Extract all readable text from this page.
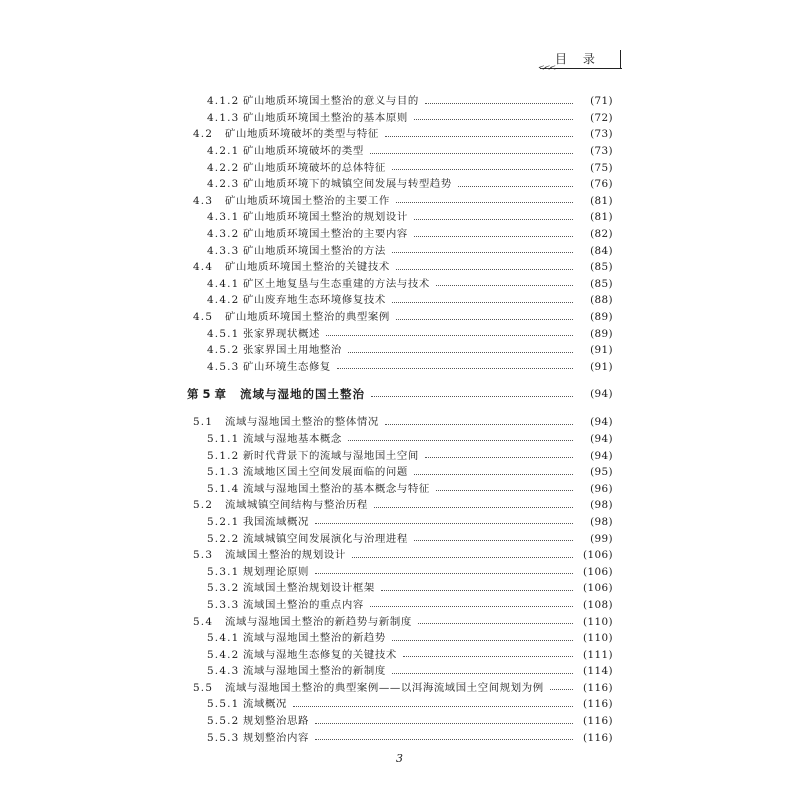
目 录
<<<
4.1.2 矿山地质环境国土整治的意义与目的	(71)
4.1.3 矿山地质环境国土整治的基本原则	(72)
4.2	矿山地质环境破坏的类型与特征	(73)
4.2.1 矿山地质环境破坏的类型	(73)
4.2.2 矿山地质环境破坏的总体特征	(75)
4.2.3 矿山地质环境下的城镇空间发展与转型趋势	(76)
4.3	矿山地质环境国土整治的主要工作	(81)
4.3.1 矿山地质环境国土整治的规划设计	(81)
4.3.2 矿山地质环境国土整治的主要内容	(82)
4.3.3 矿山地质环境国土整治的方法	(84)
4.4	矿山地质环境国土整治的关键技术	(85)
4.4.1 矿区土地复垦与生态重建的方法与技术	(85)
4.4.2 矿山废弃地生态环境修复技术	(88)
4.5	矿山地质环境国土整治的典型案例	(89)
4.5.1 张家界现状概述	(89)
4.5.2 张家界国土用地整治	(91)
4.5.3 矿山环境生态修复	(91)
第 5 章 流域与湿地的国土整治	(94)
5.1	流域与湿地国土整治的整体情况	(94)
5.1.1 流域与湿地基本概念	(94)
5.1.2 新时代背景下的流域与湿地国土空间	(94)
5.1.3 流域地区国土空间发展面临的问题	(95)
5.1.4 流域与湿地国土整治的基本概念与特征	(96)
5.2	流域城镇空间结构与整治历程	(98)
5.2.1 我国流域概况	(98)
5.2.2 流域城镇空间发展演化与治理进程	(99)
5.3	流域国土整治的规划设计	(106)
5.3.1 规划理论原则	(106)
5.3.2 流域国土整治规划设计框架	(106)
5.3.3 流域国土整治的重点内容	(108)
5.4	流域与湿地国土整治的新趋势与新制度	(110)
5.4.1 流域与湿地国土整治的新趋势	(110)
5.4.2 流域与湿地生态修复的关键技术	(111)
5.4.3 流域与湿地国土整治的新制度	(114)
5.5	流域与湿地国土整治的典型案例——以洱海流域国土空间规划为例	(116)
5.5.1 流域概况	(116)
5.5.2 规划整治思路	(116)
5.5.3 规划整治内容	(116)
3
